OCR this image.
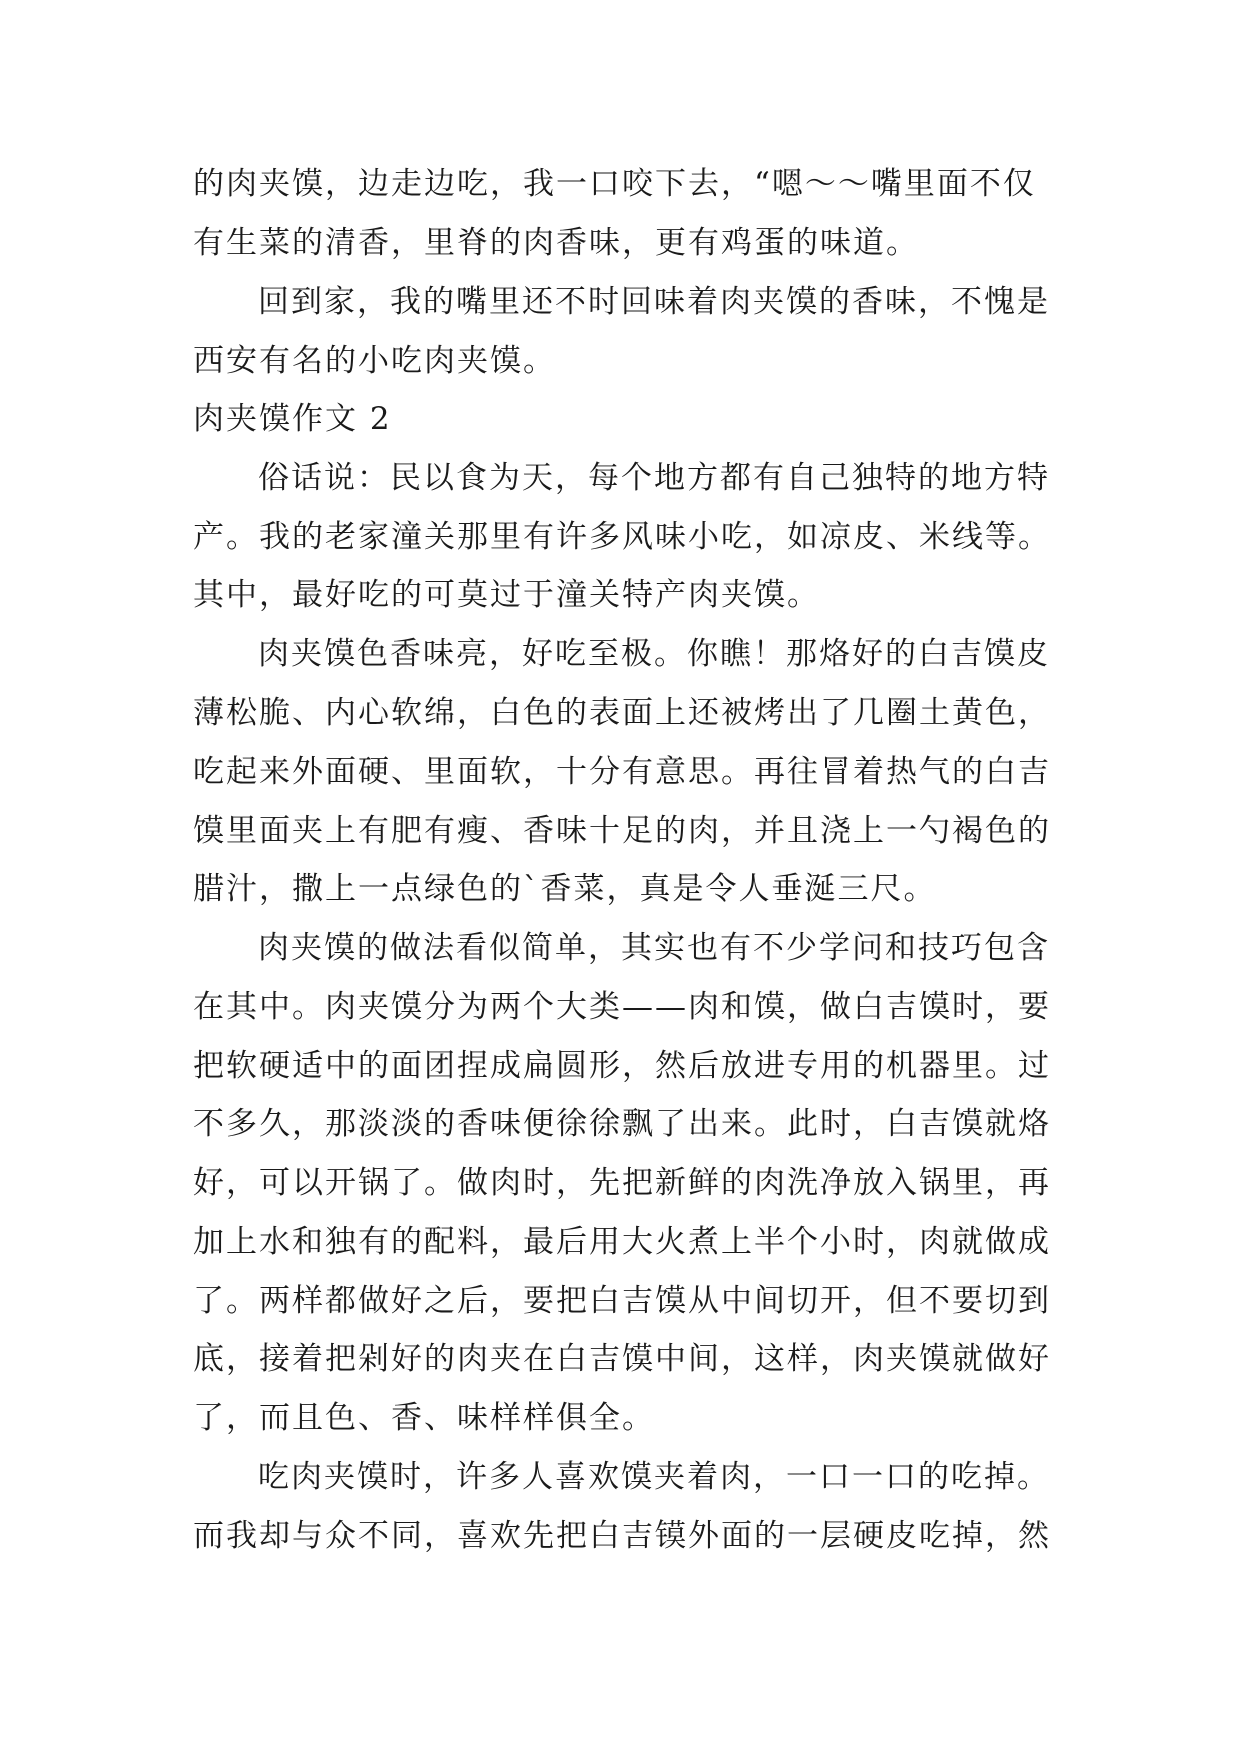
的肉夹馍，边走边吃，我一口咬下去，“嗯～～嘴里面不仅
有生菜的清香，里脊的肉香味，更有鸡蛋的味道。
回到家，我的嘴里还不时回味着肉夹馍的香味，不愧是
西安有名的小吃肉夹馍。
肉夹馍作文 2
俗话说：民以食为天，每个地方都有自己独特的地方特
产。我的老家潼关那里有许多风味小吃，如凉皮、米线等。
其中，最好吃的可莫过于潼关特产肉夹馍。
肉夹馍色香味亮，好吃至极。你瞧！那烙好的白吉馍皮
薄松脆、内心软绵，白色的表面上还被烤出了几圈土黄色，
吃起来外面硬、里面软，十分有意思。再往冒着热气的白吉
馍里面夹上有肥有瘦、香味十足的肉，并且浇上一勺褐色的
腊汁，撒上一点绿色的`香菜，真是令人垂涎三尺。
肉夹馍的做法看似简单，其实也有不少学问和技巧包含
在其中。肉夹馍分为两个大类——肉和馍，做白吉馍时，要
把软硬适中的面团捏成扁圆形，然后放进专用的机器里。过
不多久，那淡淡的香味便徐徐飘了出来。此时，白吉馍就烙
好，可以开锅了。做肉时，先把新鲜的肉洗净放入锅里，再
加上水和独有的配料，最后用大火煮上半个小时，肉就做成
了。两样都做好之后，要把白吉馍从中间切开，但不要切到
底，接着把剁好的肉夹在白吉馍中间，这样，肉夹馍就做好
了，而且色、香、味样样俱全。
吃肉夹馍时，许多人喜欢馍夹着肉，一口一口的吃掉。
而我却与众不同，喜欢先把白吉镆外面的一层硬皮吃掉，然
